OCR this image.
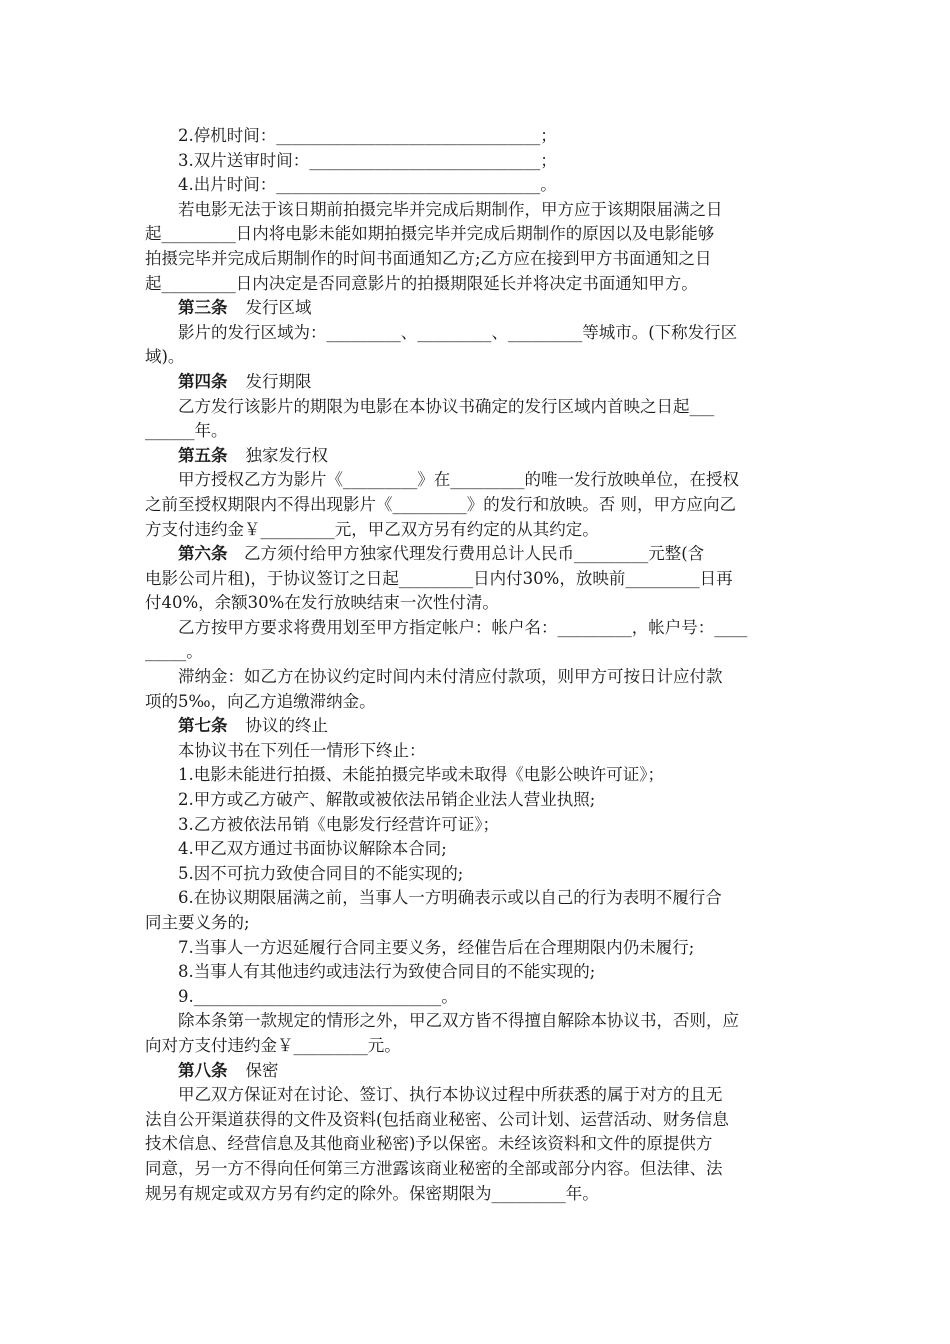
2.停机时间：________________________________；
3.双片送审时间：____________________________；
4.出片时间：________________________________。
若电影无法于该日期前拍摄完毕并完成后期制作，甲方应于该期限届满之日
起_________日内将电影未能如期拍摄完毕并完成后期制作的原因以及电影能够
拍摄完毕并完成后期制作的时间书面通知乙方;乙方应在接到甲方书面通知之日
起_________日内决定是否同意影片的拍摄期限延长并将决定书面通知甲方。
第三条 发行区域
影片的发行区域为：_________、_________、_________等城市。(下称发行区
域)。
第四条 发行期限
乙方发行该影片的期限为电影在本协议书确定的发行区域内首映之日起___
______年。
第五条 独家发行权
甲方授权乙方为影片《_________》在_________的唯一发行放映单位，在授权
之前至授权期限内不得出现影片《_________》的发行和放映。否 则，甲方应向乙
方支付违约金￥_________元，甲乙双方另有约定的从其约定。
第六条　乙方须付给甲方独家代理发行费用总计人民币_________元整(含
电影公司片租)，于协议签订之日起_________日内付30%，放映前_________日再
付40%，余额30%在发行放映结束一次性付清。
乙方按甲方要求将费用划至甲方指定帐户：帐户名：_________，帐户号：____
_____。
滞纳金：如乙方在协议约定时间内未付清应付款项，则甲方可按日计应付款
项的5‰，向乙方追缴滞纳金。
第七条 协议的终止
本协议书在下列任一情形下终止：
1.电影未能进行拍摄、未能拍摄完毕或未取得《电影公映许可证》；
2.甲方或乙方破产、解散或被依法吊销企业法人营业执照;
3.乙方被依法吊销《电影发行经营许可证》；
4.甲乙双方通过书面协议解除本合同;
5.因不可抗力致使合同目的不能实现的;
6.在协议期限届满之前，当事人一方明确表示或以自己的行为表明不履行合
同主要义务的;
7.当事人一方迟延履行合同主要义务，经催告后在合理期限内仍未履行;
8.当事人有其他违约或违法行为致使合同目的不能实现的;
9.______________________________。
除本条第一款规定的情形之外，甲乙双方皆不得擅自解除本协议书，否则，应
向对方支付违约金￥_________元。
第八条 保密
甲乙双方保证对在讨论、签订、执行本协议过程中所获悉的属于对方的且无
法自公开渠道获得的文件及资料(包括商业秘密、公司计划、运营活动、财务信息
技术信息、经营信息及其他商业秘密)予以保密。未经该资料和文件的原提供方
同意，另一方不得向任何第三方泄露该商业秘密的全部或部分内容。但法律、法
规另有规定或双方另有约定的除外。保密期限为_________年。
